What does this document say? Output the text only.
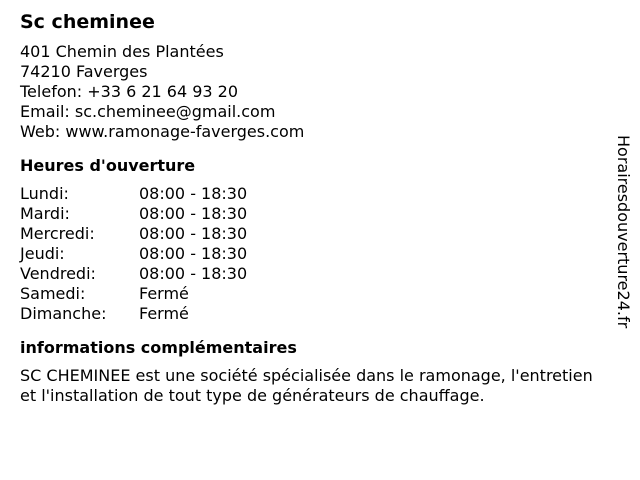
Sc cheminee
401 Chemin des Plantées
74210 Faverges
Telefon: +33 6 21 64 93 20
Email: sc.cheminee@gmail.com
Web: www.ramonage-faverges.com
Heures d'ouverture
Lundi:	08:00 - 18:30
Mardi:	08:00 - 18:30
Mercredi:	08:00 - 18:30
Jeudi:	08:00 - 18:30
Vendredi:	08:00 - 18:30
Samedi:	Fermé
Dimanche:	Fermé
informations complémentaires
SC CHEMINEE est une société spécialisée dans le ramonage, l'entretien et l'installation de tout type de générateurs de chauffage.
Horairesdouverture24.fr
